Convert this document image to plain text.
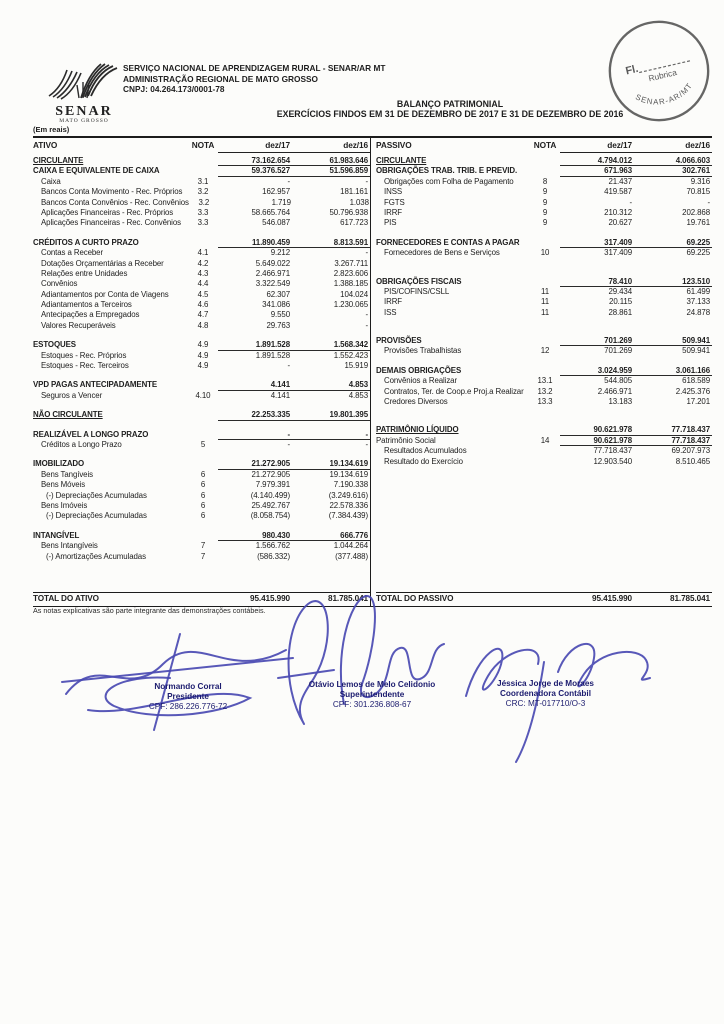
Fl. Rubrica
SENAR-AR/MT
SENAR
MATO GROSSO
SERVIÇO NACIONAL DE APRENDIZAGEM RURAL - SENAR/AR MT
ADMINISTRAÇÃO REGIONAL DE MATO GROSSO
CNPJ: 04.264.173/0001-78
BALANÇO PATRIMONIAL
EXERCÍCIOS FINDOS EM 31 DE DEZEMBRO DE 2017 E 31 DE DEZEMBRO DE 2016
(Em reais)
ATIVO	NOTA	dez/17	dez/16
CIRCULANTE	73.162.654	61.983.646
CAIXA E EQUIVALENTE DE CAIXA	59.376.527	51.596.859
Caixa	3.1	-	-
Bancos Conta Movimento - Rec. Próprios	3.2	162.957	181.161
Bancos Conta Convênios - Rec. Convênios	3.2	1.719	1.038
Aplicações Financeiras - Rec. Próprios	3.3	58.665.764	50.796.938
Aplicações Financeiras - Rec. Convênios	3.3	546.087	617.723
CRÉDITOS A CURTO PRAZO	11.890.459	8.813.591
Contas a Receber	4.1	9.212	-
Dotações Orçamentárias a Receber	4.2	5.649.022	3.267.711
Relações entre Unidades	4.3	2.466.971	2.823.606
Convênios	4.4	3.322.549	1.388.185
Adiantamentos por Conta de Viagens	4.5	62.307	104.024
Adiantamentos a Terceiros	4.6	341.086	1.230.065
Antecipações a Empregados	4.7	9.550	-
Valores Recuperáveis	4.8	29.763	-
ESTOQUES	4.9	1.891.528	1.568.342
Estoques - Rec. Próprios	4.9	1.891.528	1.552.423
Estoques - Rec. Terceiros	4.9	-	15.919
VPD PAGAS ANTECIPADAMENTE	4.141	4.853
Seguros a Vencer	4.10	4.141	4.853
NÃO CIRCULANTE	22.253.335	19.801.395
REALIZÁVEL A LONGO PRAZO	-	-
Créditos a Longo Prazo	5	-	-
IMOBILIZADO	21.272.905	19.134.619
Bens Tangíveis	6	21.272.905	19.134.619
Bens Móveis	6	7.979.391	7.190.338
(-) Depreciações Acumuladas	6	(4.140.499)	(3.249.616)
Bens Imóveis	6	25.492.767	22.578.336
(-) Depreciações Acumuladas	6	(8.058.754)	(7.384.439)
INTANGÍVEL	980.430	666.776
Bens Intangíveis	7	1.566.762	1.044.264
(-) Amortizações Acumuladas	7	(586.332)	(377.488)
TOTAL DO ATIVO	95.415.990	81.785.041
PASSIVO	NOTA	dez/17	dez/16
CIRCULANTE	4.794.012	4.066.603
OBRIGAÇÕES TRAB. TRIB. E PREVID.	671.963	302.761
Obrigações com Folha de Pagamento	8	21.437	9.316
INSS	9	419.587	70.815
FGTS	9	-	-
IRRF	9	210.312	202.868
PIS	9	20.627	19.761
FORNECEDORES E CONTAS A PAGAR	317.409	69.225
Fornecedores de Bens e Serviços	10	317.409	69.225
OBRIGAÇÕES FISCAIS	78.410	123.510
PIS/COFINS/CSLL	11	29.434	61.499
IRRF	11	20.115	37.133
ISS	11	28.861	24.878
PROVISÕES	701.269	509.941
Provisões Trabalhistas	12	701.269	509.941
DEMAIS OBRIGAÇÕES	3.024.959	3.061.166
Convênios a Realizar	13.1	544.805	618.589
Contratos, Ter. de Coop.e Proj.a Realizar	13.2	2.466.971	2.425.376
Credores Diversos	13.3	13.183	17.201
PATRIMÔNIO LÍQUIDO	90.621.978	77.718.437
Patrimônio Social	14	90.621.978	77.718.437
Resultados Acumulados	77.718.437	69.207.973
Resultado do Exercício	12.903.540	8.510.465
TOTAL DO PASSIVO	95.415.990	81.785.041
As notas explicativas são parte integrante das demonstrações contábeis.
Normando Corral
Presidente
CPF: 286.226.776-72
Otávio Lemos de Melo Celidonio
Superintendente
CPF: 301.236.808-67
Jéssica Jorge de Moraes
Coordenadora Contábil
CRC: MT-017710/O-3
